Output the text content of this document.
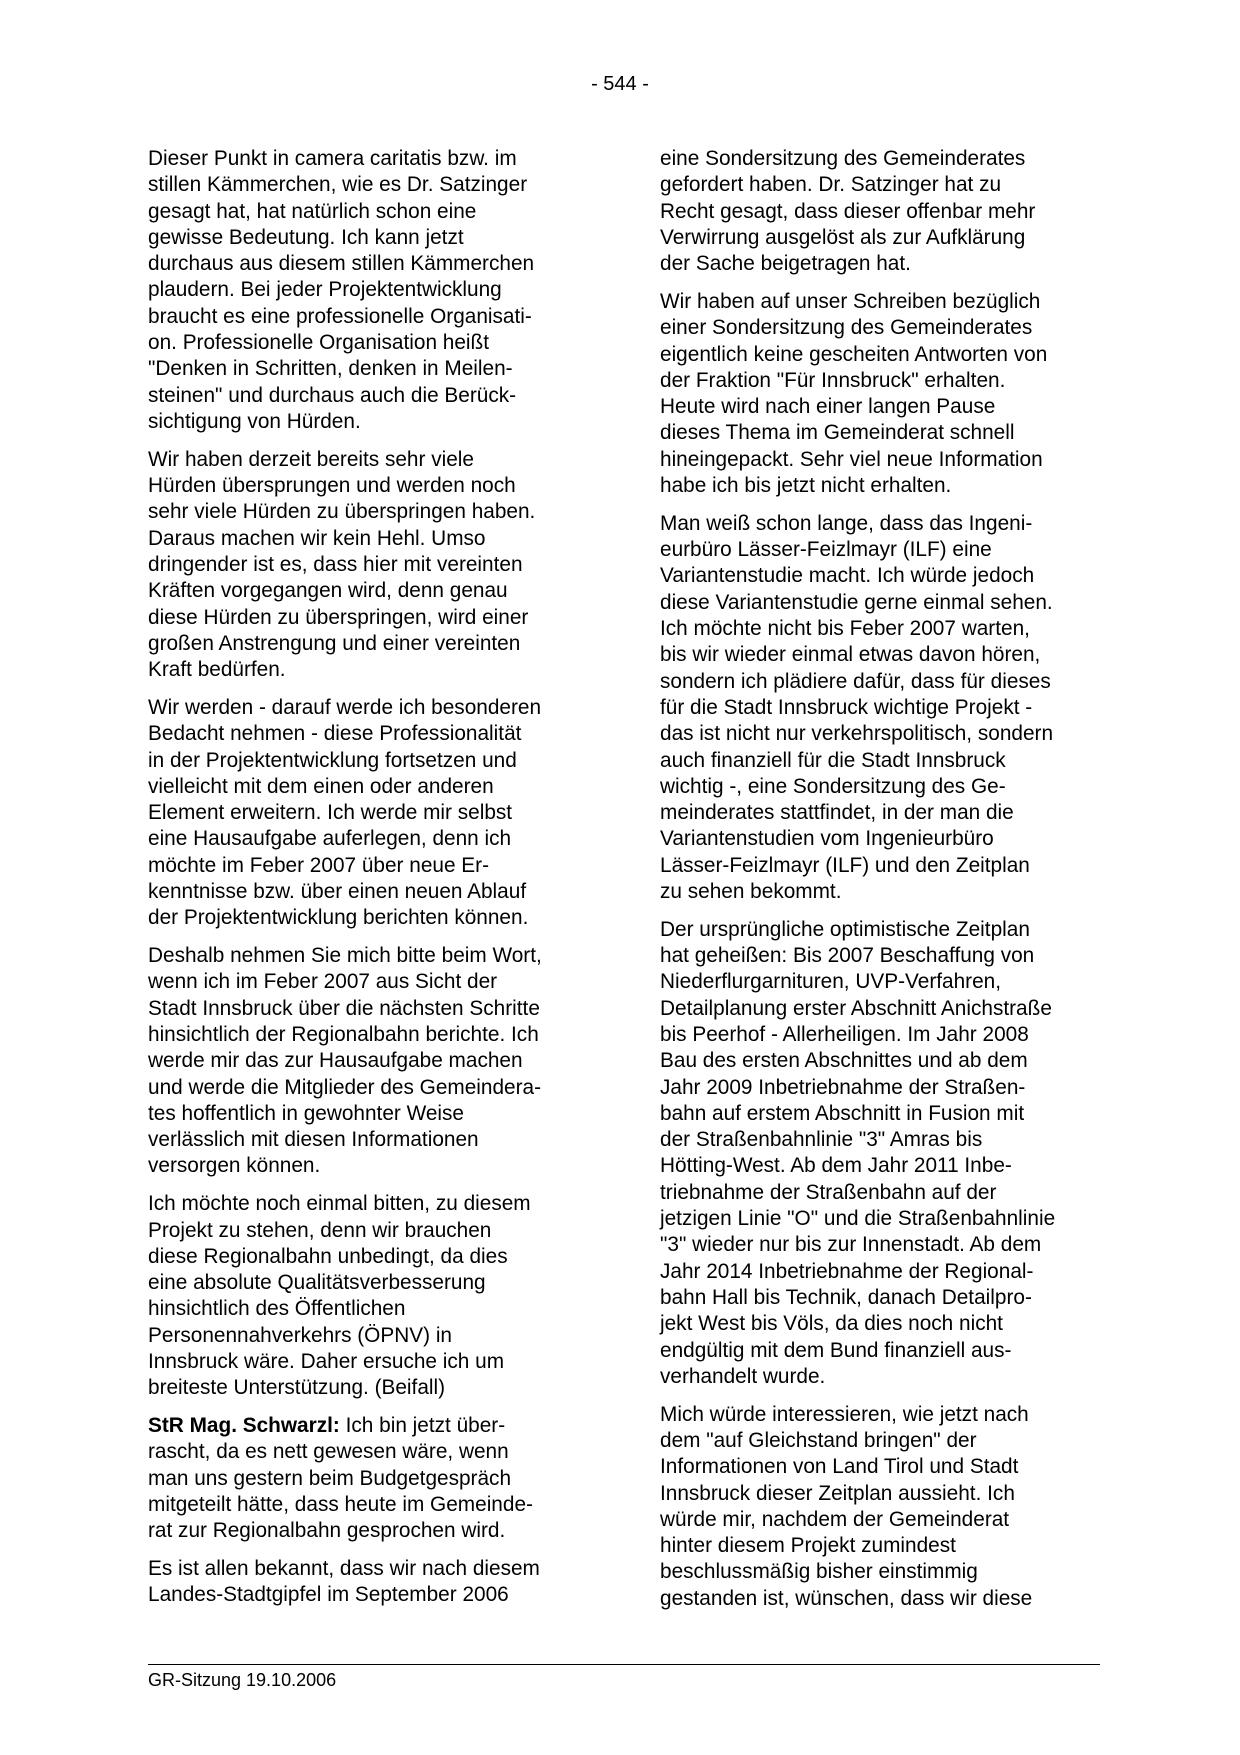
- 544 -

Dieser Punkt in camera caritatis bzw. im
stillen Kämmerchen, wie es Dr. Satzinger
gesagt hat, hat natürlich schon eine
gewisse Bedeutung. Ich kann jetzt
durchaus aus diesem stillen Kämmerchen
plaudern. Bei jeder Projektentwicklung
braucht es eine professionelle Organisati-
on. Professionelle Organisation heißt
"Denken in Schritten, denken in Meilen-
steinen" und durchaus auch die Berück-
sichtigung von Hürden.

Wir haben derzeit bereits sehr viele
Hürden übersprungen und werden noch
sehr viele Hürden zu überspringen haben.
Daraus machen wir kein Hehl. Umso
dringender ist es, dass hier mit vereinten
Kräften vorgegangen wird, denn genau
diese Hürden zu überspringen, wird einer
großen Anstrengung und einer vereinten
Kraft bedürfen.

Wir werden - darauf werde ich besonderen
Bedacht nehmen - diese Professionalität
in der Projektentwicklung fortsetzen und
vielleicht mit dem einen oder anderen
Element erweitern. Ich werde mir selbst
eine Hausaufgabe auferlegen, denn ich
möchte im Feber 2007 über neue Er-
kenntnisse bzw. über einen neuen Ablauf
der Projektentwicklung berichten können.

Deshalb nehmen Sie mich bitte beim Wort,
wenn ich im Feber 2007 aus Sicht der
Stadt Innsbruck über die nächsten Schritte
hinsichtlich der Regionalbahn berichte. Ich
werde mir das zur Hausaufgabe machen
und werde die Mitglieder des Gemeindera-
tes hoffentlich in gewohnter Weise
verlässlich mit diesen Informationen
versorgen können.

Ich möchte noch einmal bitten, zu diesem
Projekt zu stehen, denn wir brauchen
diese Regionalbahn unbedingt, da dies
eine absolute Qualitätsverbesserung
hinsichtlich des Öffentlichen
Personennahverkehrs (ÖPNV) in
Innsbruck wäre. Daher ersuche ich um
breiteste Unterstützung. (Beifall)

StR Mag. Schwarzl: Ich bin jetzt über-
rascht, da es nett gewesen wäre, wenn
man uns gestern beim Budgetgespräch
mitgeteilt hätte, dass heute im Gemeinde-
rat zur Regionalbahn gesprochen wird.

Es ist allen bekannt, dass wir nach diesem
Landes-Stadtgipfel im September 2006

eine Sondersitzung des Gemeinderates
gefordert haben. Dr. Satzinger hat zu
Recht gesagt, dass dieser offenbar mehr
Verwirrung ausgelöst als zur Aufklärung
der Sache beigetragen hat.

Wir haben auf unser Schreiben bezüglich
einer Sondersitzung des Gemeinderates
eigentlich keine gescheiten Antworten von
der Fraktion "Für Innsbruck" erhalten.
Heute wird nach einer langen Pause
dieses Thema im Gemeinderat schnell
hineingepackt. Sehr viel neue Information
habe ich bis jetzt nicht erhalten.

Man weiß schon lange, dass das Ingeni-
eurbüro Lässer-Feizlmayr (ILF) eine
Variantenstudie macht. Ich würde jedoch
diese Variantenstudie gerne einmal sehen.
Ich möchte nicht bis Feber 2007 warten,
bis wir wieder einmal etwas davon hören,
sondern ich plädiere dafür, dass für dieses
für die Stadt Innsbruck wichtige Projekt -
das ist nicht nur verkehrspolitisch, sondern
auch finanziell für die Stadt Innsbruck
wichtig -, eine Sondersitzung des Ge-
meinderates stattfindet, in der man die
Variantenstudien vom Ingenieurbüro
Lässer-Feizlmayr (ILF) und den Zeitplan
zu sehen bekommt.

Der ursprüngliche optimistische Zeitplan
hat geheißen: Bis 2007 Beschaffung von
Niederflurgarnituren, UVP-Verfahren,
Detailplanung erster Abschnitt Anichstraße
bis Peerhof - Allerheiligen. Im Jahr 2008
Bau des ersten Abschnittes und ab dem
Jahr 2009 Inbetriebnahme der Straßen-
bahn auf erstem Abschnitt in Fusion mit
der Straßenbahnlinie "3" Amras bis
Hötting-West. Ab dem Jahr 2011 Inbe-
triebnahme der Straßenbahn auf der
jetzigen Linie "O" und die Straßenbahnlinie
"3" wieder nur bis zur Innenstadt. Ab dem
Jahr 2014 Inbetriebnahme der Regional-
bahn Hall bis Technik, danach Detailpro-
jekt West bis Völs, da dies noch nicht
endgültig mit dem Bund finanziell aus-
verhandelt wurde.

Mich würde interessieren, wie jetzt nach
dem "auf Gleichstand bringen" der
Informationen von Land Tirol und Stadt
Innsbruck dieser Zeitplan aussieht. Ich
würde mir, nachdem der Gemeinderat
hinter diesem Projekt zumindest
beschlussmäßig bisher einstimmig
gestanden ist, wünschen, dass wir diese

GR-Sitzung 19.10.2006
